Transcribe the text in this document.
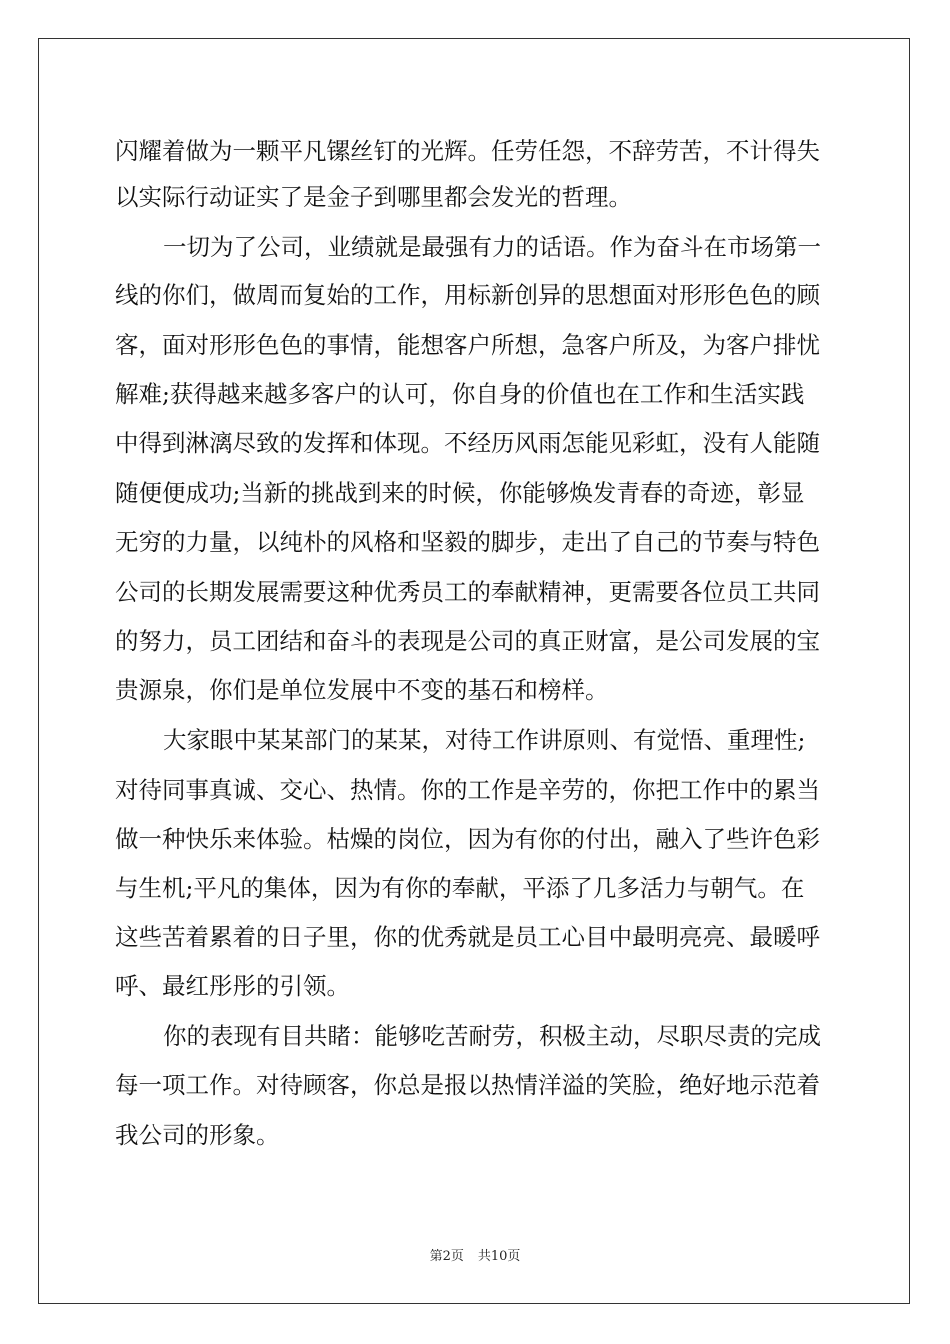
闪耀着做为一颗平凡镙丝钉的光辉。任劳任怨，不辞劳苦，不计得失
以实际行动证实了是金子到哪里都会发光的哲理。
一切为了公司，业绩就是最强有力的话语。作为奋斗在市场第一
线的你们，做周而复始的工作，用标新创异的思想面对形形色色的顾
客，面对形形色色的事情，能想客户所想，急客户所及，为客户排忧
解难;获得越来越多客户的认可，你自身的价值也在工作和生活实践
中得到淋漓尽致的发挥和体现。不经历风雨怎能见彩虹，没有人能随
随便便成功;当新的挑战到来的时候，你能够焕发青春的奇迹，彰显
无穷的力量，以纯朴的风格和坚毅的脚步，走出了自己的节奏与特色
公司的长期发展需要这种优秀员工的奉献精神，更需要各位员工共同
的努力，员工团结和奋斗的表现是公司的真正财富，是公司发展的宝
贵源泉，你们是单位发展中不变的基石和榜样。
大家眼中某某部门的某某，对待工作讲原则、有觉悟、重理性;
对待同事真诚、交心、热情。你的工作是辛劳的，你把工作中的累当
做一种快乐来体验。枯燥的岗位，因为有你的付出，融入了些许色彩
与生机;平凡的集体，因为有你的奉献，平添了几多活力与朝气。在
这些苦着累着的日子里，你的优秀就是员工心目中最明亮亮、最暖呼
呼、最红彤彤的引领。
你的表现有目共睹：能够吃苦耐劳，积极主动，尽职尽责的完成
每一项工作。对待顾客，你总是报以热情洋溢的笑脸，绝好地示范着
我公司的形象。
第2页 共10页
